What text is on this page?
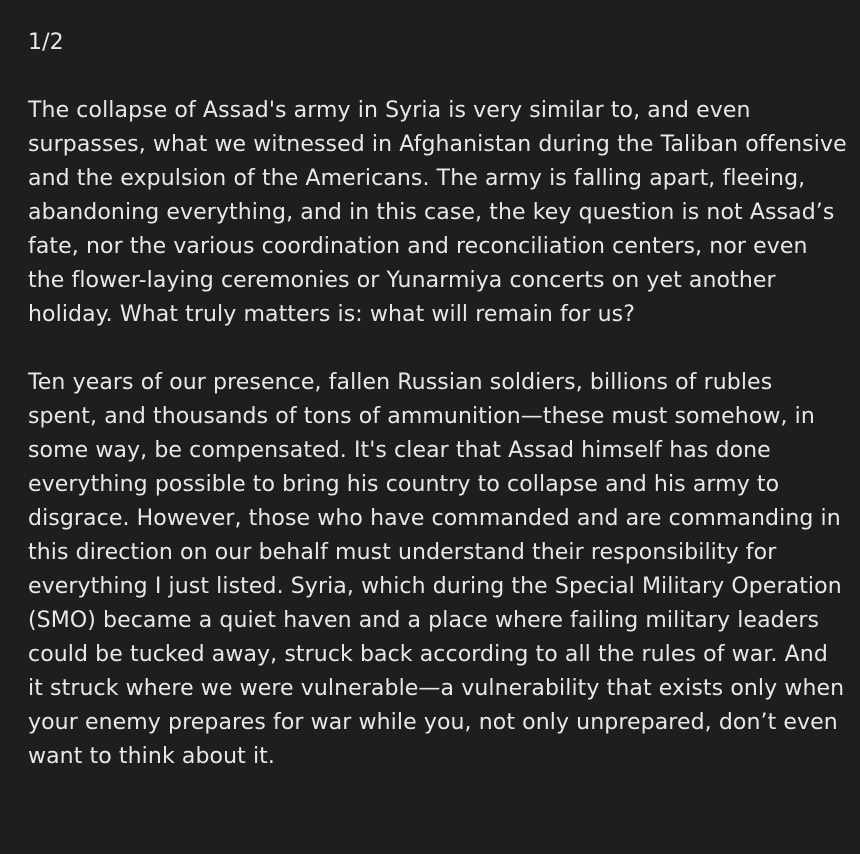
1/2

The collapse of Assad's army in Syria is very similar to, and even surpasses, what we witnessed in Afghanistan during the Taliban offensive and the expulsion of the Americans. The army is falling apart, fleeing, abandoning everything, and in this case, the key question is not Assad’s fate, nor the various coordination and reconciliation centers, nor even the flower-laying ceremonies or Yunarmiya concerts on yet another holiday. What truly matters is: what will remain for us?

Ten years of our presence, fallen Russian soldiers, billions of rubles spent, and thousands of tons of ammunition—these must somehow, in some way, be compensated. It's clear that Assad himself has done everything possible to bring his country to collapse and his army to disgrace. However, those who have commanded and are commanding in this direction on our behalf must understand their responsibility for everything I just listed. Syria, which during the Special Military Operation (SMO) became a quiet haven and a place where failing military leaders could be tucked away, struck back according to all the rules of war. And it struck where we were vulnerable—a vulnerability that exists only when your enemy prepares for war while you, not only unprepared, don’t even want to think about it.
